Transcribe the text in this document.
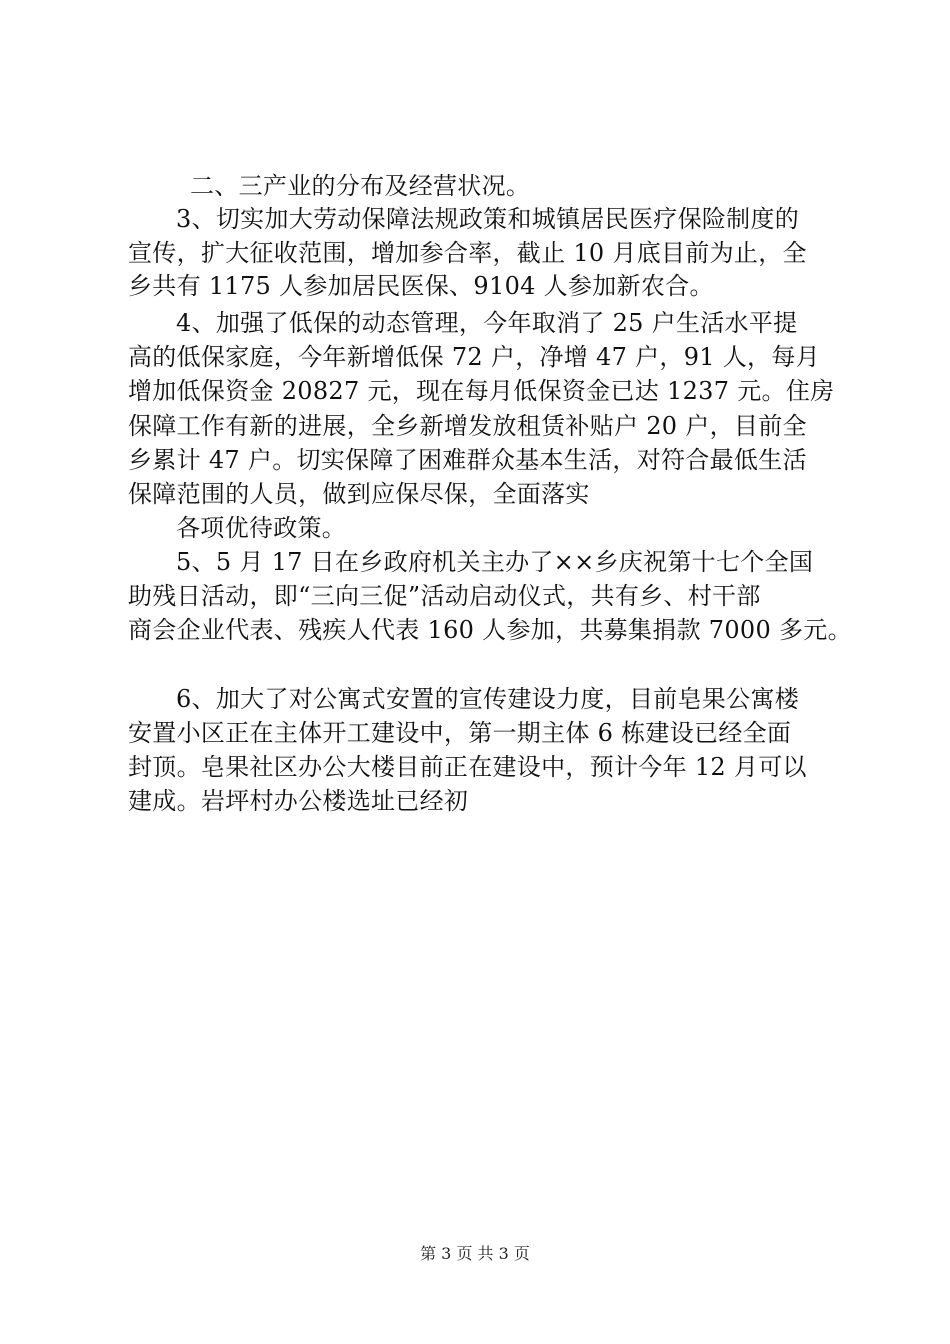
二、三产业的分布及经营状况。
3、切实加大劳动保障法规政策和城镇居民医疗保险制度的
宣传，扩大征收范围，增加参合率，截止 10 月底目前为止，全
乡共有 1175 人参加居民医保、9104 人参加新农合。
4、加强了低保的动态管理，今年取消了 25 户生活水平提
高的低保家庭，今年新增低保 72 户，净增 47 户，91 人，每月
增加低保资金 20827 元，现在每月低保资金已达 1237 元。住房
保障工作有新的进展，全乡新增发放租赁补贴户 20 户，目前全
乡累计 47 户。切实保障了困难群众基本生活，对符合最低生活
保障范围的人员，做到应保尽保，全面落实
各项优待政策。
5、5 月 17 日在乡政府机关主办了××乡庆祝第十七个全国
助残日活动，即“三向三促”活动启动仪式，共有乡、村干部
商会企业代表、残疾人代表 160 人参加，共募集捐款 7000 多元。
6、加大了对公寓式安置的宣传建设力度，目前皂果公寓楼
安置小区正在主体开工建设中，第一期主体 6 栋建设已经全面
封顶。皂果社区办公大楼目前正在建设中，预计今年 12 月可以
建成。岩坪村办公楼选址已经初
第 3 页 共 3 页
